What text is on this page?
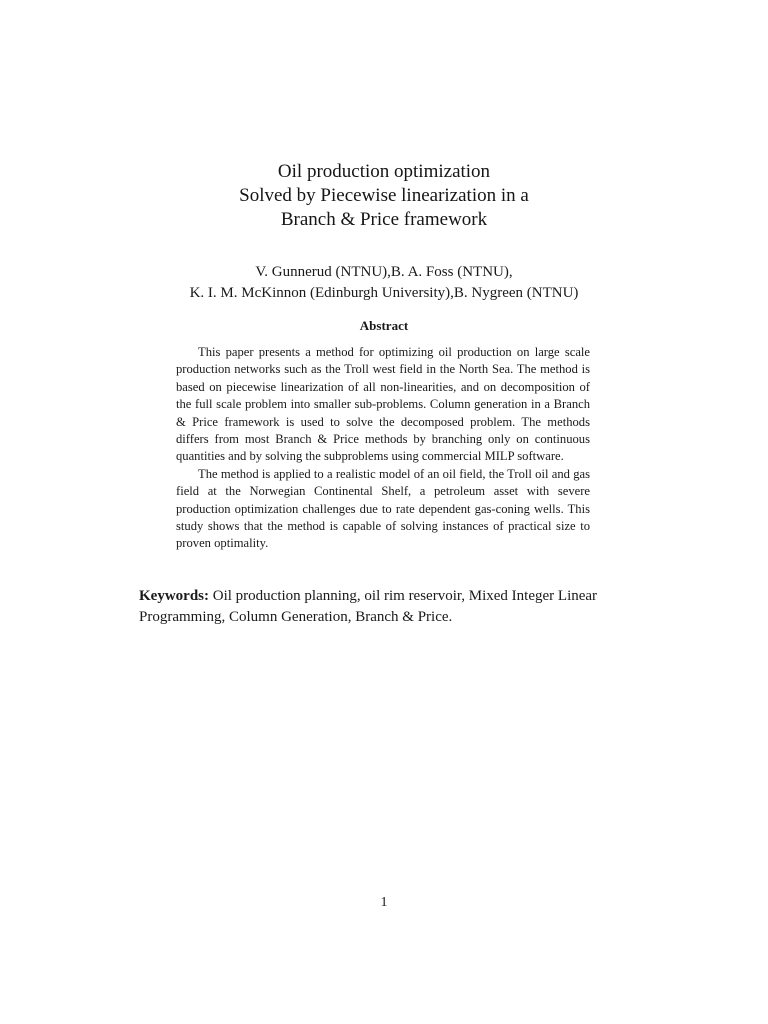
Oil production optimization
Solved by Piecewise linearization in a
Branch & Price framework
V. Gunnerud (NTNU),B. A. Foss (NTNU),
K. I. M. McKinnon (Edinburgh University),B. Nygreen (NTNU)
Abstract

This paper presents a method for optimizing oil production on large scale production networks such as the Troll west field in the North Sea. The method is based on piecewise linearization of all non-linearities, and on decomposition of the full scale problem into smaller sub-problems. Column generation in a Branch & Price framework is used to solve the decomposed problem. The methods differs from most Branch & Price methods by branching only on continuous quantities and by solving the subproblems using commercial MILP software.

The method is applied to a realistic model of an oil field, the Troll oil and gas field at the Norwegian Continental Shelf, a petroleum asset with severe production optimization challenges due to rate dependent gas-coning wells. This study shows that the method is capable of solving instances of practical size to proven optimality.

Keywords: Oil production planning, oil rim reservoir, Mixed Integer Linear Programming, Column Generation, Branch & Price.
1
